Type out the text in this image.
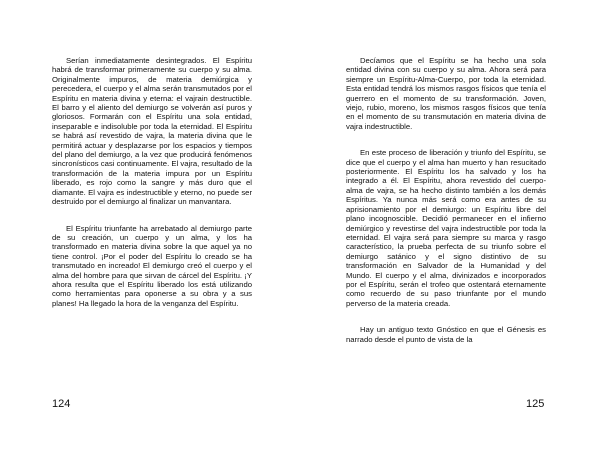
Serían inmediatamente desintegrados. El Espíritu habrá de transformar primeramente su cuerpo y su alma. Originalmente impuros, de materia demiúrgica y perecedera, el cuerpo y el alma serán transmutados por el Espíritu en materia divina y eterna: el vajrain destructible. El barro y el aliento del demiurgo se volverán así puros y gloriosos. Formarán con el Espíritu una sola entidad, inseparable e indisoluble por toda la eternidad. El Espíritu se habrá así revestido de vajra, la materia divina que le permitirá actuar y desplazarse por los espacios y tiempos del plano del demiurgo, a la vez que producirá fenómenos sincronísticos casi continuamente. El vajra, resultado de la transformación de la materia impura por un Espíritu liberado, es rojo como la sangre y más duro que el diamante. El vajra es indestructible y eterno, no puede ser destruido por el demiurgo al finalizar un manvantara.

El Espíritu triunfante ha arrebatado al demiurgo parte de su creación, un cuerpo y un alma, y los ha transformado en materia divina sobre la que aquel ya no tiene control. ¡Por el poder del Espíritu lo creado se ha transmutado en increado! El demiurgo creó el cuerpo y el alma del hombre para que sirvan de cárcel del Espíritu. ¡Y ahora resulta que el Espíritu liberado los está utilizando como herramientas para oponerse a su obra y a sus planes! Ha llegado la hora de la venganza del Espíritu.

124

Decíamos que el Espíritu se ha hecho una sola entidad divina con su cuerpo y su alma. Ahora será para siempre un Espíritu-Alma-Cuerpo, por toda la eternidad. Esta entidad tendrá los mismos rasgos físicos que tenía el guerrero en el momento de su transformación. Joven, viejo, rubio, moreno, los mismos rasgos físicos que tenía en el momento de su transmutación en materia divina de vajra indestructible.

En este proceso de liberación y triunfo del Espíritu, se dice que el cuerpo y el alma han muerto y han resucitado posteriormente. El Espíritu los ha salvado y los ha integrado a él. El Espíritu, ahora revestido del cuerpo-alma de vajra, se ha hecho distinto también a los demás Espíritus. Ya nunca más será como era antes de su aprisionamiento por el demiurgo: un Espíritu libre del plano incognoscible. Decidió permanecer en el infierno demiúrgico y revestirse del vajra indestructible por toda la eternidad. El vajra será para siempre su marca y rasgo característico, la prueba perfecta de su triunfo sobre el demiurgo satánico y el signo distintivo de su transformación en Salvador de la Humanidad y del Mundo. El cuerpo y el alma, divinizados e incorporados por el Espíritu, serán el trofeo que ostentará eternamente como recuerdo de su paso triunfante por el mundo perverso de la materia creada.

Hay un antiguo texto Gnóstico en que el Génesis es narrado desde el punto de vista de la

125
